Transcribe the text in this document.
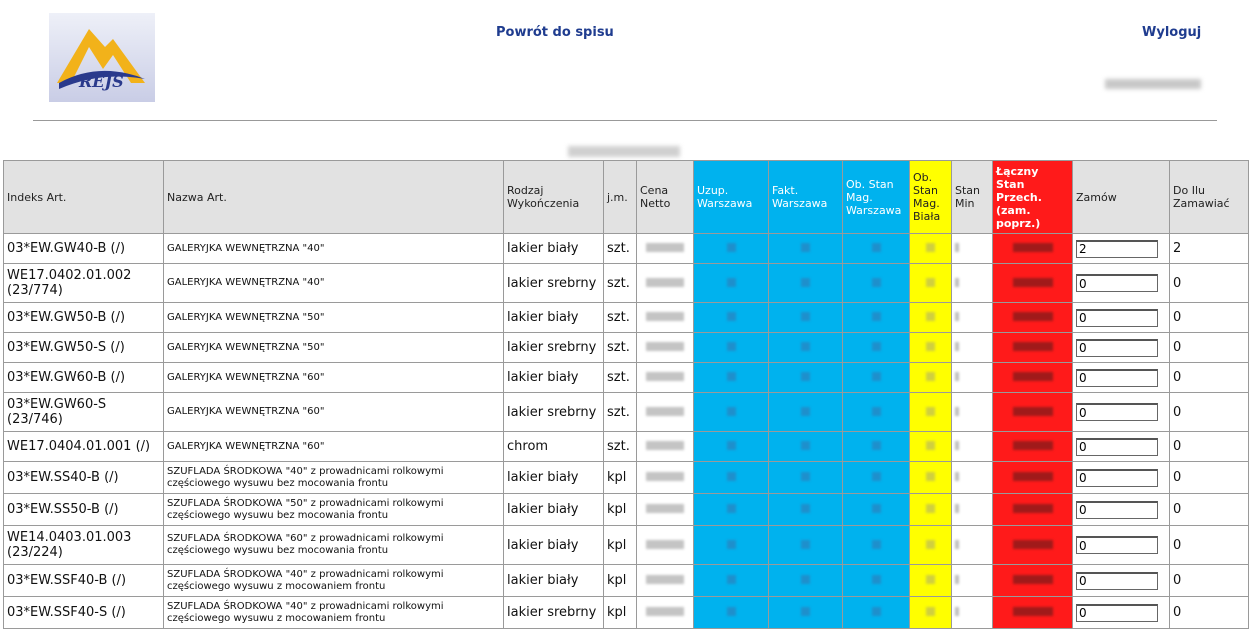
REJS
Powrót do spisu	Wyloguj
Indeks Art.	Nazwa Art.	Rodzaj Wykończenia	j.m.	Cena Netto	Uzup. Warszawa	Fakt. Warszawa	Ob. Stan Mag. Warszawa	Ob. Stan Mag. Biała	Stan Min	Łączny Stan Przech. (zam. poprz.)	Zamów	Do Ilu Zamawiać
03*EW.GW40-B (/)	GALERYJKA WEWNĘTRZNA "40"	lakier biały	szt.								2	2
WE17.0402.01.002 (23/774)	GALERYJKA WEWNĘTRZNA "40"	lakier srebrny	szt.								0	0
03*EW.GW50-B (/)	GALERYJKA WEWNĘTRZNA "50"	lakier biały	szt.								0	0
03*EW.GW50-S (/)	GALERYJKA WEWNĘTRZNA "50"	lakier srebrny	szt.								0	0
03*EW.GW60-B (/)	GALERYJKA WEWNĘTRZNA "60"	lakier biały	szt.								0	0
03*EW.GW60-S (23/746)	GALERYJKA WEWNĘTRZNA "60"	lakier srebrny	szt.								0	0
WE17.0404.01.001 (/)	GALERYJKA WEWNĘTRZNA "60"	chrom	szt.								0	0
03*EW.SS40-B (/)	SZUFLADA ŚRODKOWA "40" z prowadnicami rolkowymi częściowego wysuwu bez mocowania frontu	lakier biały	kpl								0	0
03*EW.SS50-B (/)	SZUFLADA ŚRODKOWA "50" z prowadnicami rolkowymi częściowego wysuwu bez mocowania frontu	lakier biały	kpl								0	0
WE14.0403.01.003 (23/224)	SZUFLADA ŚRODKOWA "60" z prowadnicami rolkowymi częściowego wysuwu bez mocowania frontu	lakier biały	kpl								0	0
03*EW.SSF40-B (/)	SZUFLADA ŚRODKOWA "40" z prowadnicami rolkowymi częściowego wysuwu z mocowaniem frontu	lakier biały	kpl								0	0
03*EW.SSF40-S (/)	SZUFLADA ŚRODKOWA "40" z prowadnicami rolkowymi częściowego wysuwu z mocowaniem frontu	lakier srebrny	kpl								0	0
